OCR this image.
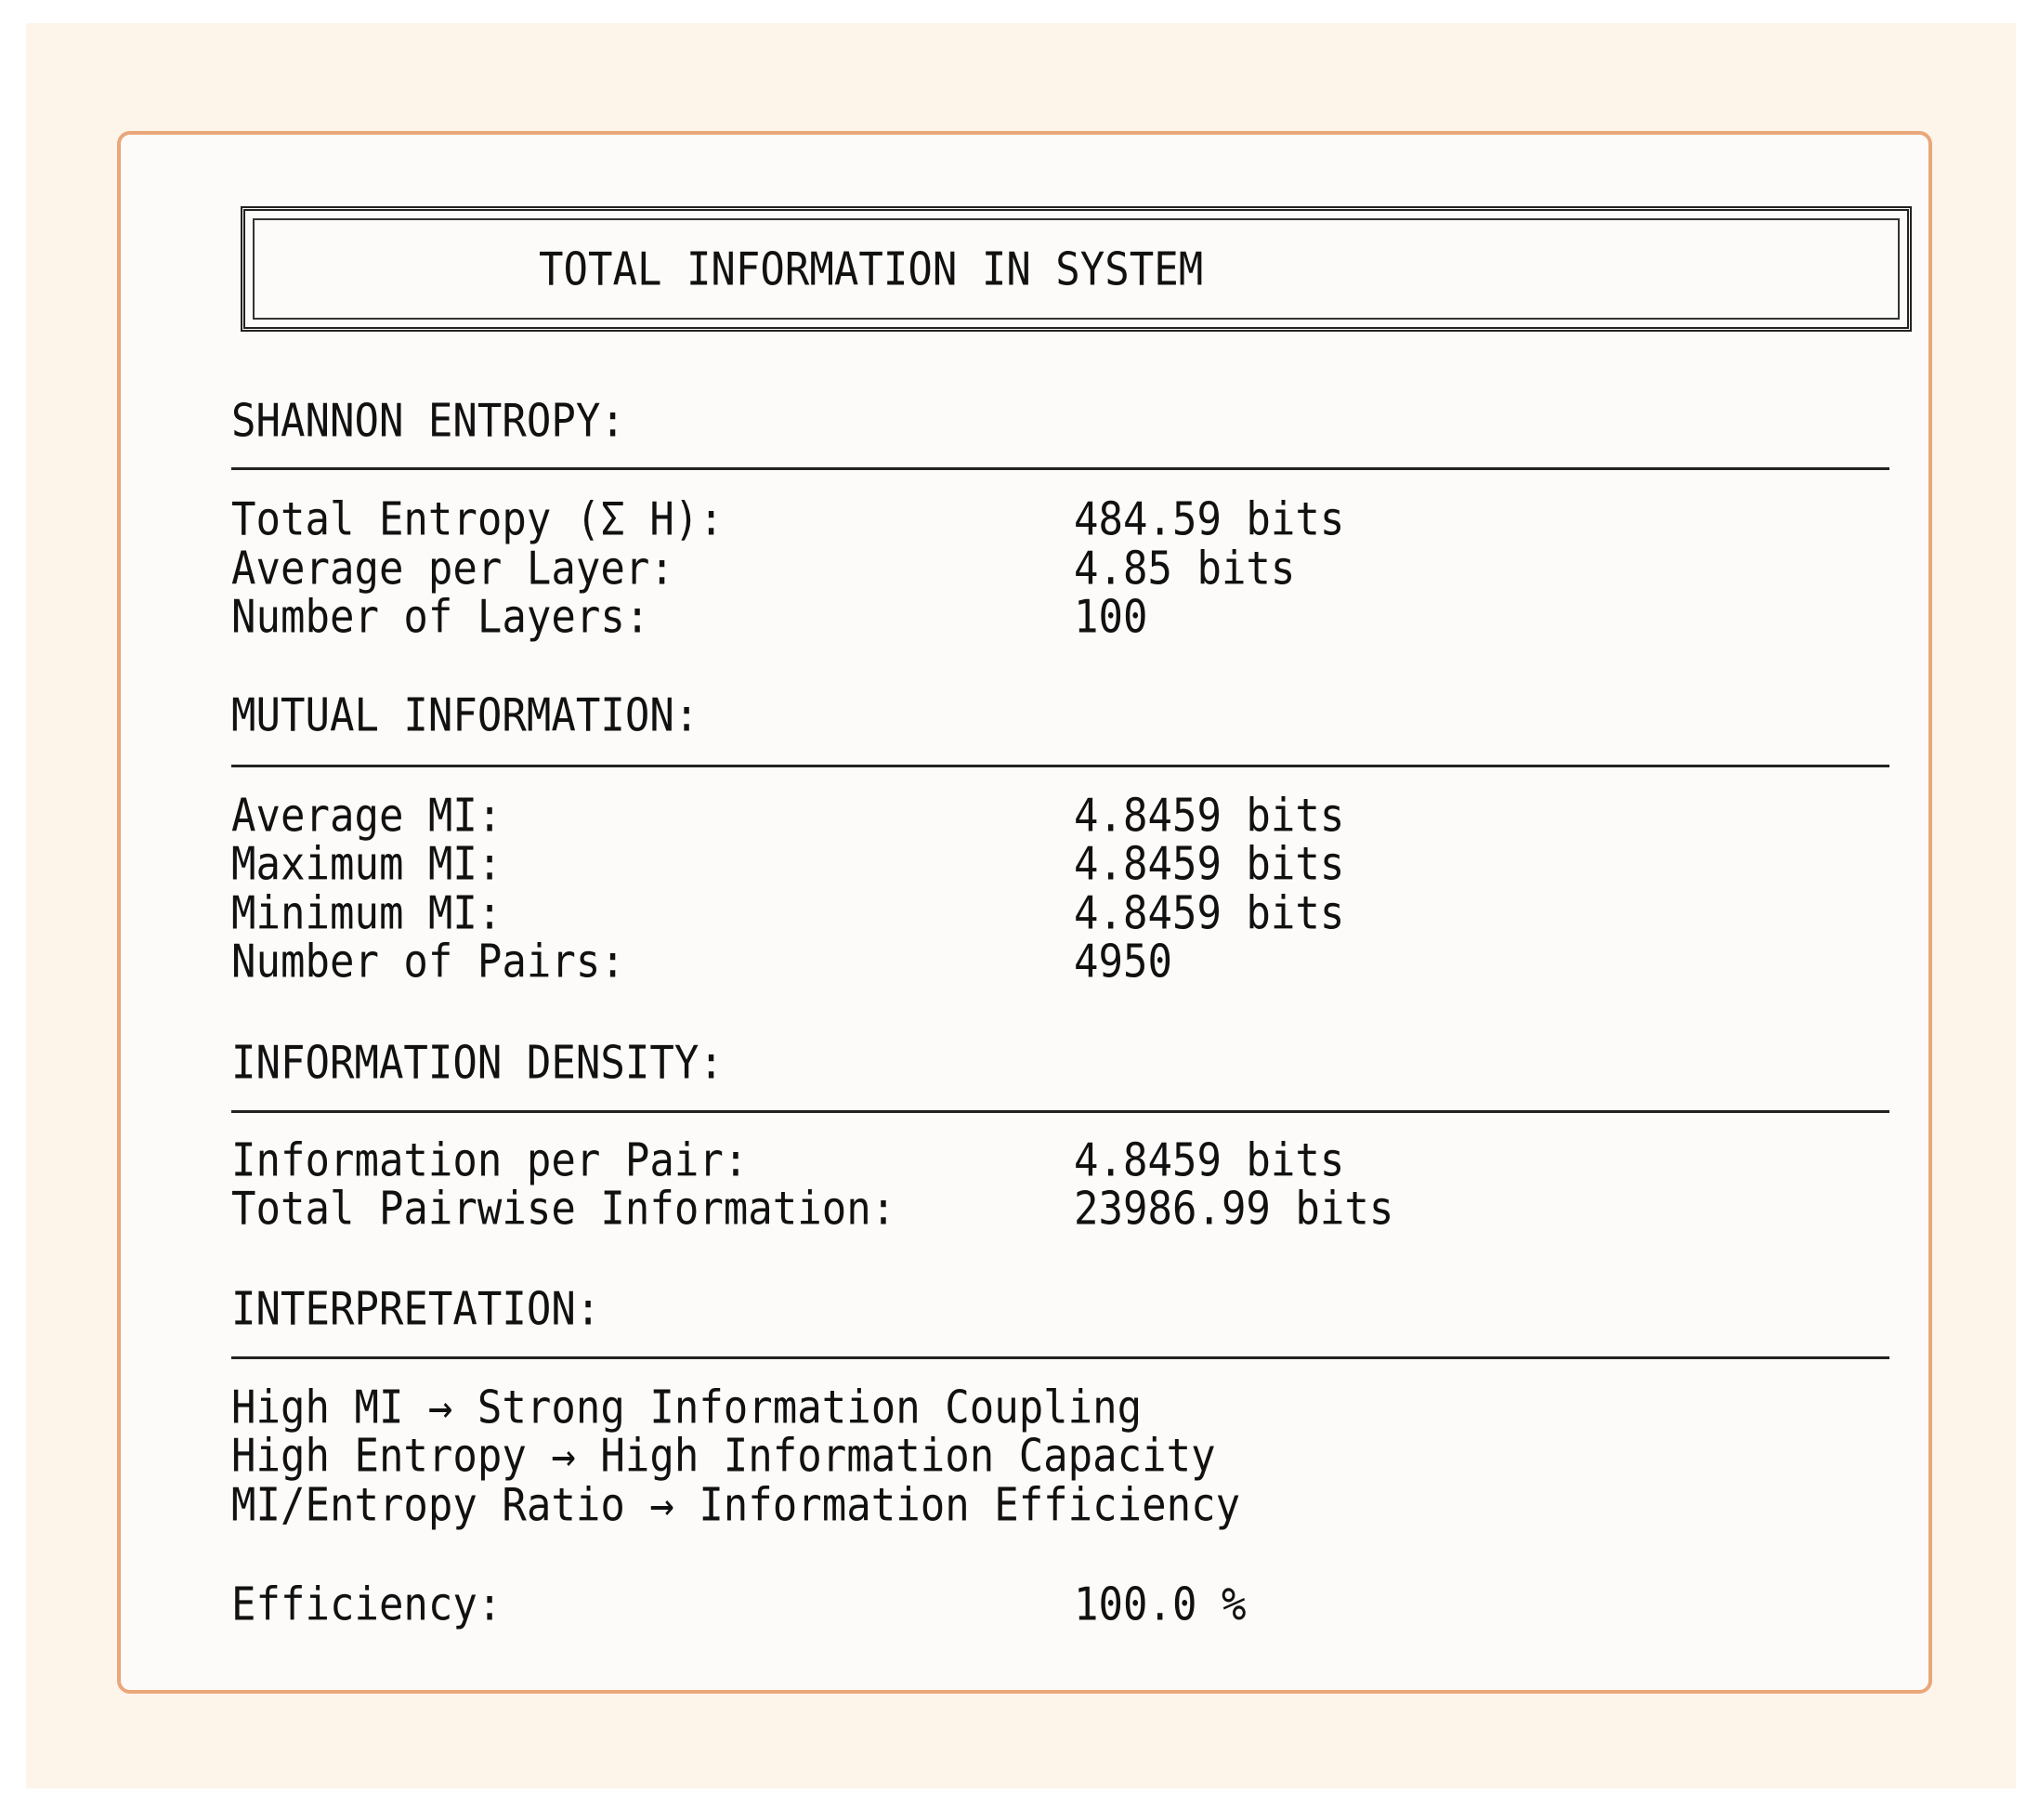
TOTAL INFORMATION IN SYSTEM
SHANNON ENTROPY:
Total Entropy (Σ H):	484.59 bits
Average per Layer:	4.85 bits
Number of Layers:	100
MUTUAL INFORMATION:
Average MI:	4.8459 bits
Maximum MI:	4.8459 bits
Minimum MI:	4.8459 bits
Number of Pairs:	4950
INFORMATION DENSITY:
Information per Pair:	4.8459 bits
Total Pairwise Information:	23986.99 bits
INTERPRETATION:
High MI → Strong Information Coupling
High Entropy → High Information Capacity
MI/Entropy Ratio → Information Efficiency
Efficiency:	100.0 %
